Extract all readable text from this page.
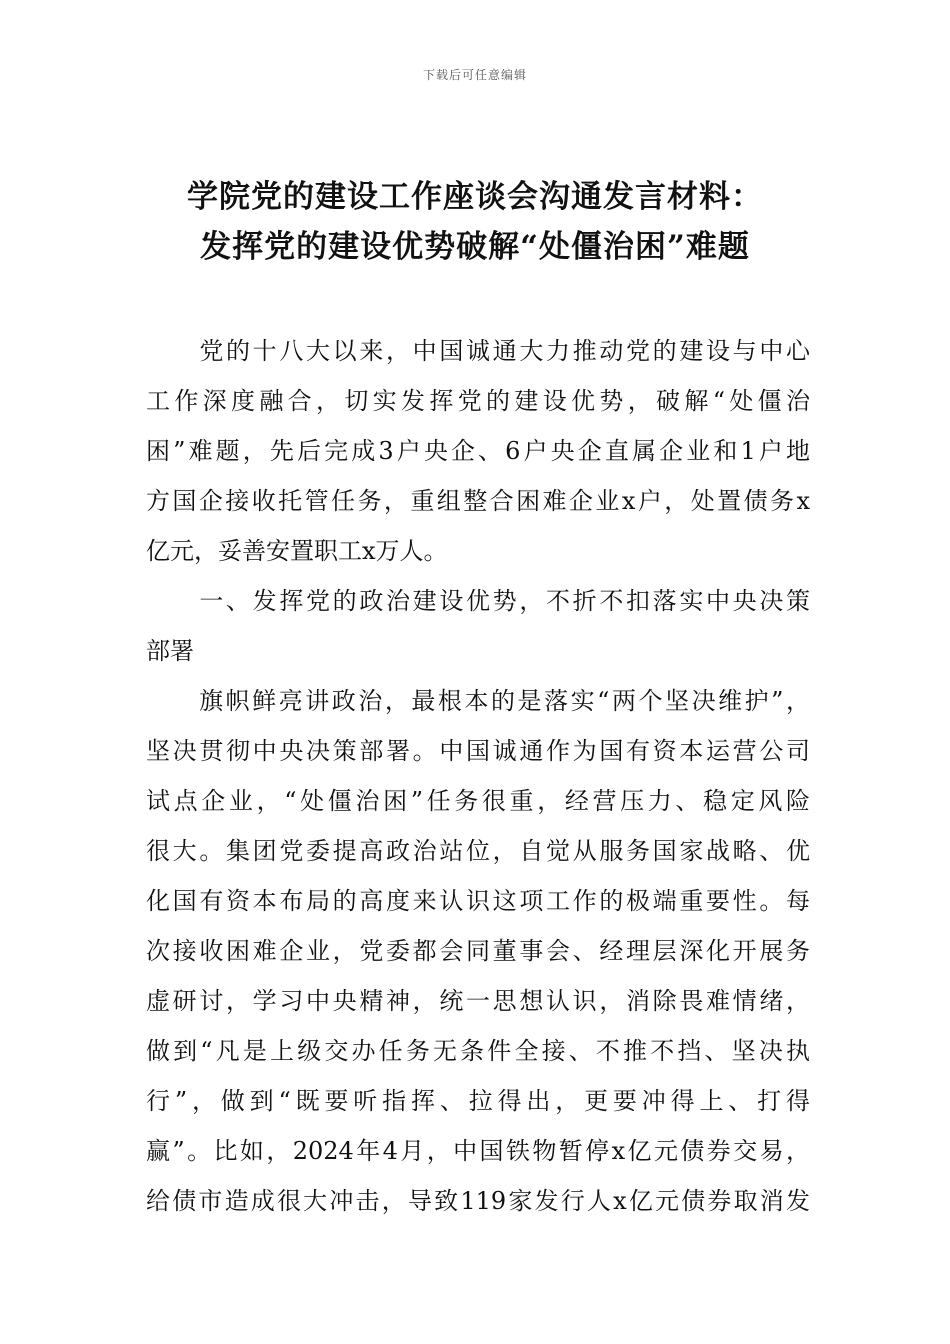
下载后可任意编辑
学院党的建设工作座谈会沟通发言材料：
发挥党的建设优势破解“处僵治困”难题
　　党的十八大以来，中国诚通大力推动党的建设与中心
工作深度融合，切实发挥党的建设优势，破解“处僵治
困”难题，先后完成3户央企、6户央企直属企业和1户地
方国企接收托管任务，重组整合困难企业x户，处置债务x
亿元，妥善安置职工x万人。
　　一、发挥党的政治建设优势，不折不扣落实中央决策
部署
　　旗帜鲜亮讲政治，最根本的是落实“两个坚决维护”，
坚决贯彻中央决策部署。中国诚通作为国有资本运营公司
试点企业，“处僵治困”任务很重，经营压力、稳定风险
很大。集团党委提高政治站位，自觉从服务国家战略、优
化国有资本布局的高度来认识这项工作的极端重要性。每
次接收困难企业，党委都会同董事会、经理层深化开展务
虚研讨，学习中央精神，统一思想认识，消除畏难情绪，
做到“凡是上级交办任务无条件全接、不推不挡、坚决执
行”，做到“既要听指挥、拉得出，更要冲得上、打得
赢”。比如，2024年4月，中国铁物暂停x亿元债券交易，
给债市造成很大冲击，导致119家发行人x亿元债券取消发
